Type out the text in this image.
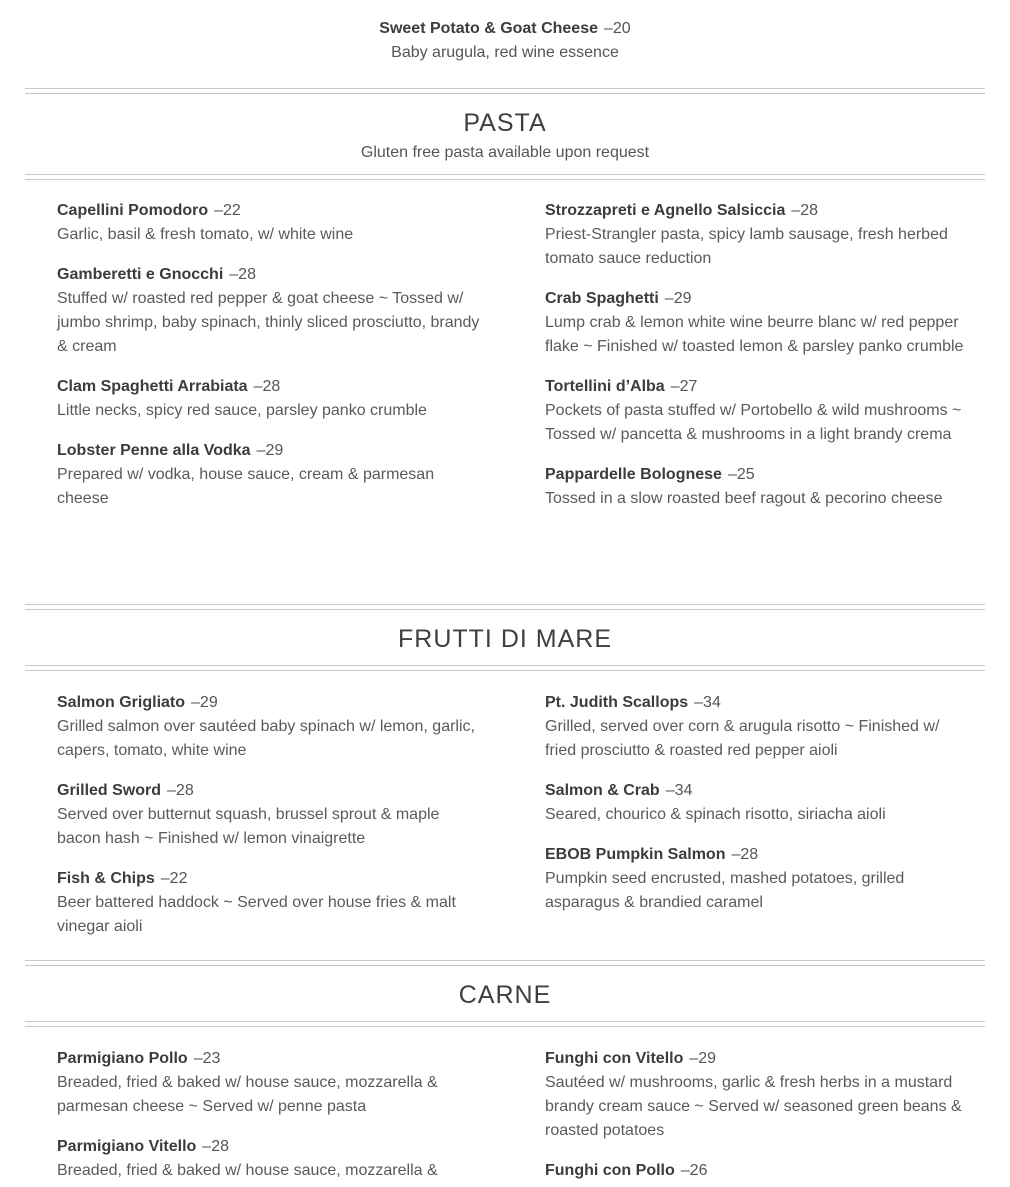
Sweet Potato & Goat Cheese –20
Baby arugula, red wine essence
PASTA
Gluten free pasta available upon request
Capellini Pomodoro –22
Garlic, basil & fresh tomato, w/ white wine
Gamberetti e Gnocchi –28
Stuffed w/ roasted red pepper & goat cheese ~ Tossed w/ jumbo shrimp, baby spinach, thinly sliced prosciutto, brandy & cream
Clam Spaghetti Arrabiata –28
Little necks, spicy red sauce, parsley panko crumble
Lobster Penne alla Vodka –29
Prepared w/ vodka, house sauce, cream & parmesan cheese
Strozzapreti e Agnello Salsiccia –28
Priest-Strangler pasta, spicy lamb sausage, fresh herbed tomato sauce reduction
Crab Spaghetti –29
Lump crab & lemon white wine beurre blanc w/ red pepper flake ~ Finished w/ toasted lemon & parsley panko crumble
Tortellini d’Alba –27
Pockets of pasta stuffed w/ Portobello & wild mushrooms ~ Tossed w/ pancetta & mushrooms in a light brandy crema
Pappardelle Bolognese –25
Tossed in a slow roasted beef ragout & pecorino cheese
FRUTTI DI MARE
Salmon Grigliato –29
Grilled salmon over sautéed baby spinach w/ lemon, garlic, capers, tomato, white wine
Grilled Sword –28
Served over butternut squash, brussel sprout & maple bacon hash ~ Finished w/ lemon vinaigrette
Fish & Chips –22
Beer battered haddock ~ Served over house fries & malt vinegar aioli
Pt. Judith Scallops –34
Grilled, served over corn & arugula risotto ~ Finished w/ fried prosciutto & roasted red pepper aioli
Salmon & Crab –34
Seared, chourico & spinach risotto, siriacha aioli
EBOB Pumpkin Salmon –28
Pumpkin seed encrusted, mashed potatoes, grilled asparagus & brandied caramel
CARNE
Parmigiano Pollo –23
Breaded, fried & baked w/ house sauce, mozzarella & parmesan cheese ~ Served w/ penne pasta
Parmigiano Vitello –28
Breaded, fried & baked w/ house sauce, mozzarella &
Funghi con Vitello –29
Sautéed w/ mushrooms, garlic & fresh herbs in a mustard brandy cream sauce ~ Served w/ seasoned green beans & roasted potatoes
Funghi con Pollo –26
